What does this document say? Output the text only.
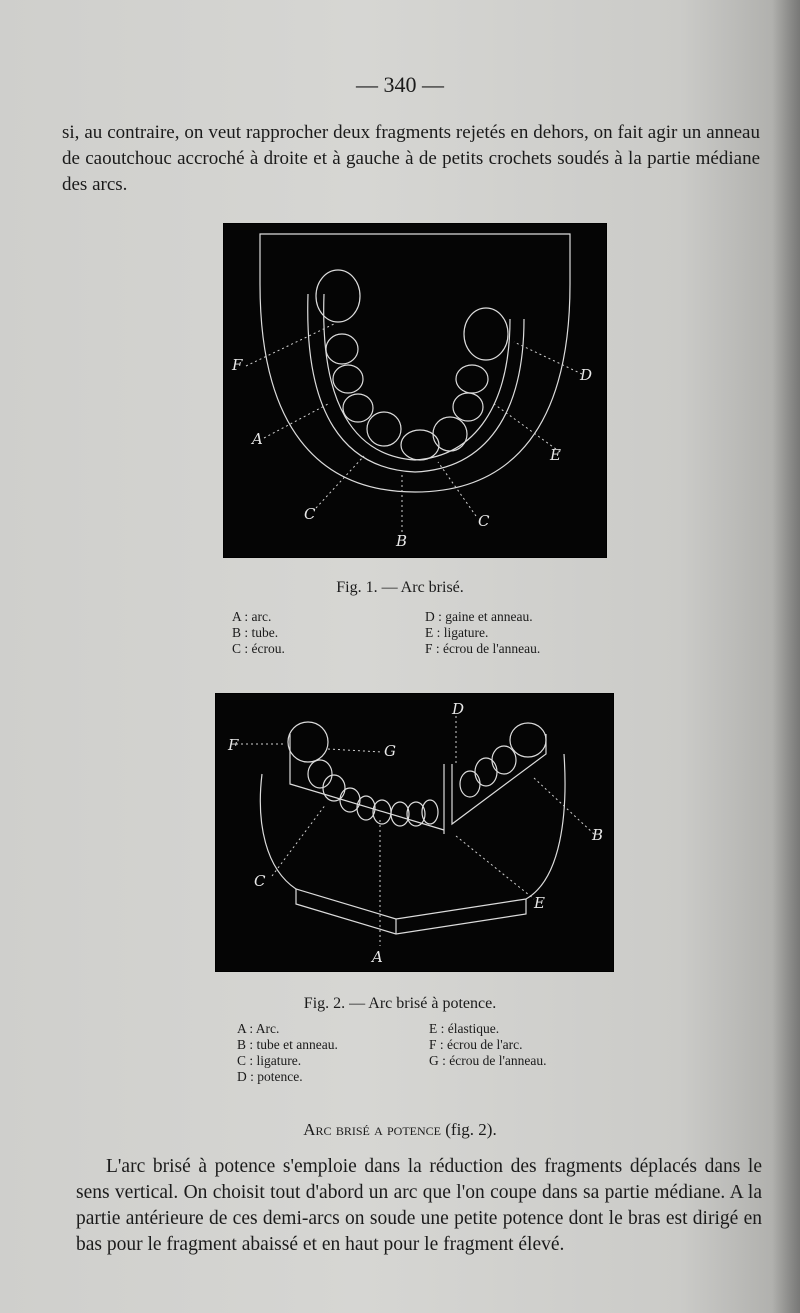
— 340 —

si, au contraire, on veut rapprocher deux fragments rejetés en dehors, on fait agir un anneau de caoutchouc accroché à droite et à gauche à de petits crochets soudés à la partie médiane des arcs.

F
D
A
E
C	C
B
Fig. 1. — Arc brisé.
A : arc.
B : tube.
C : écrou.
D : gaine et anneau.
E : ligature.
F : écrou de l'anneau.
F	G
D
B
C
E
A
Fig. 2. — Arc brisé à potence.
A : Arc.
B : tube et anneau.
C : ligature.
D : potence.
E : élastique.
F : écrou de l'arc.
G : écrou de l'anneau.
Arc brisé a potence (fig. 2).

L'arc brisé à potence s'emploie dans la réduction des fragments déplacés dans le sens vertical. On choisit tout d'abord un arc que l'on coupe dans sa partie médiane. A la partie antérieure de ces demi-arcs on soude une petite potence dont le bras est dirigé en bas pour le fragment abaissé et en haut pour le fragment élevé.
